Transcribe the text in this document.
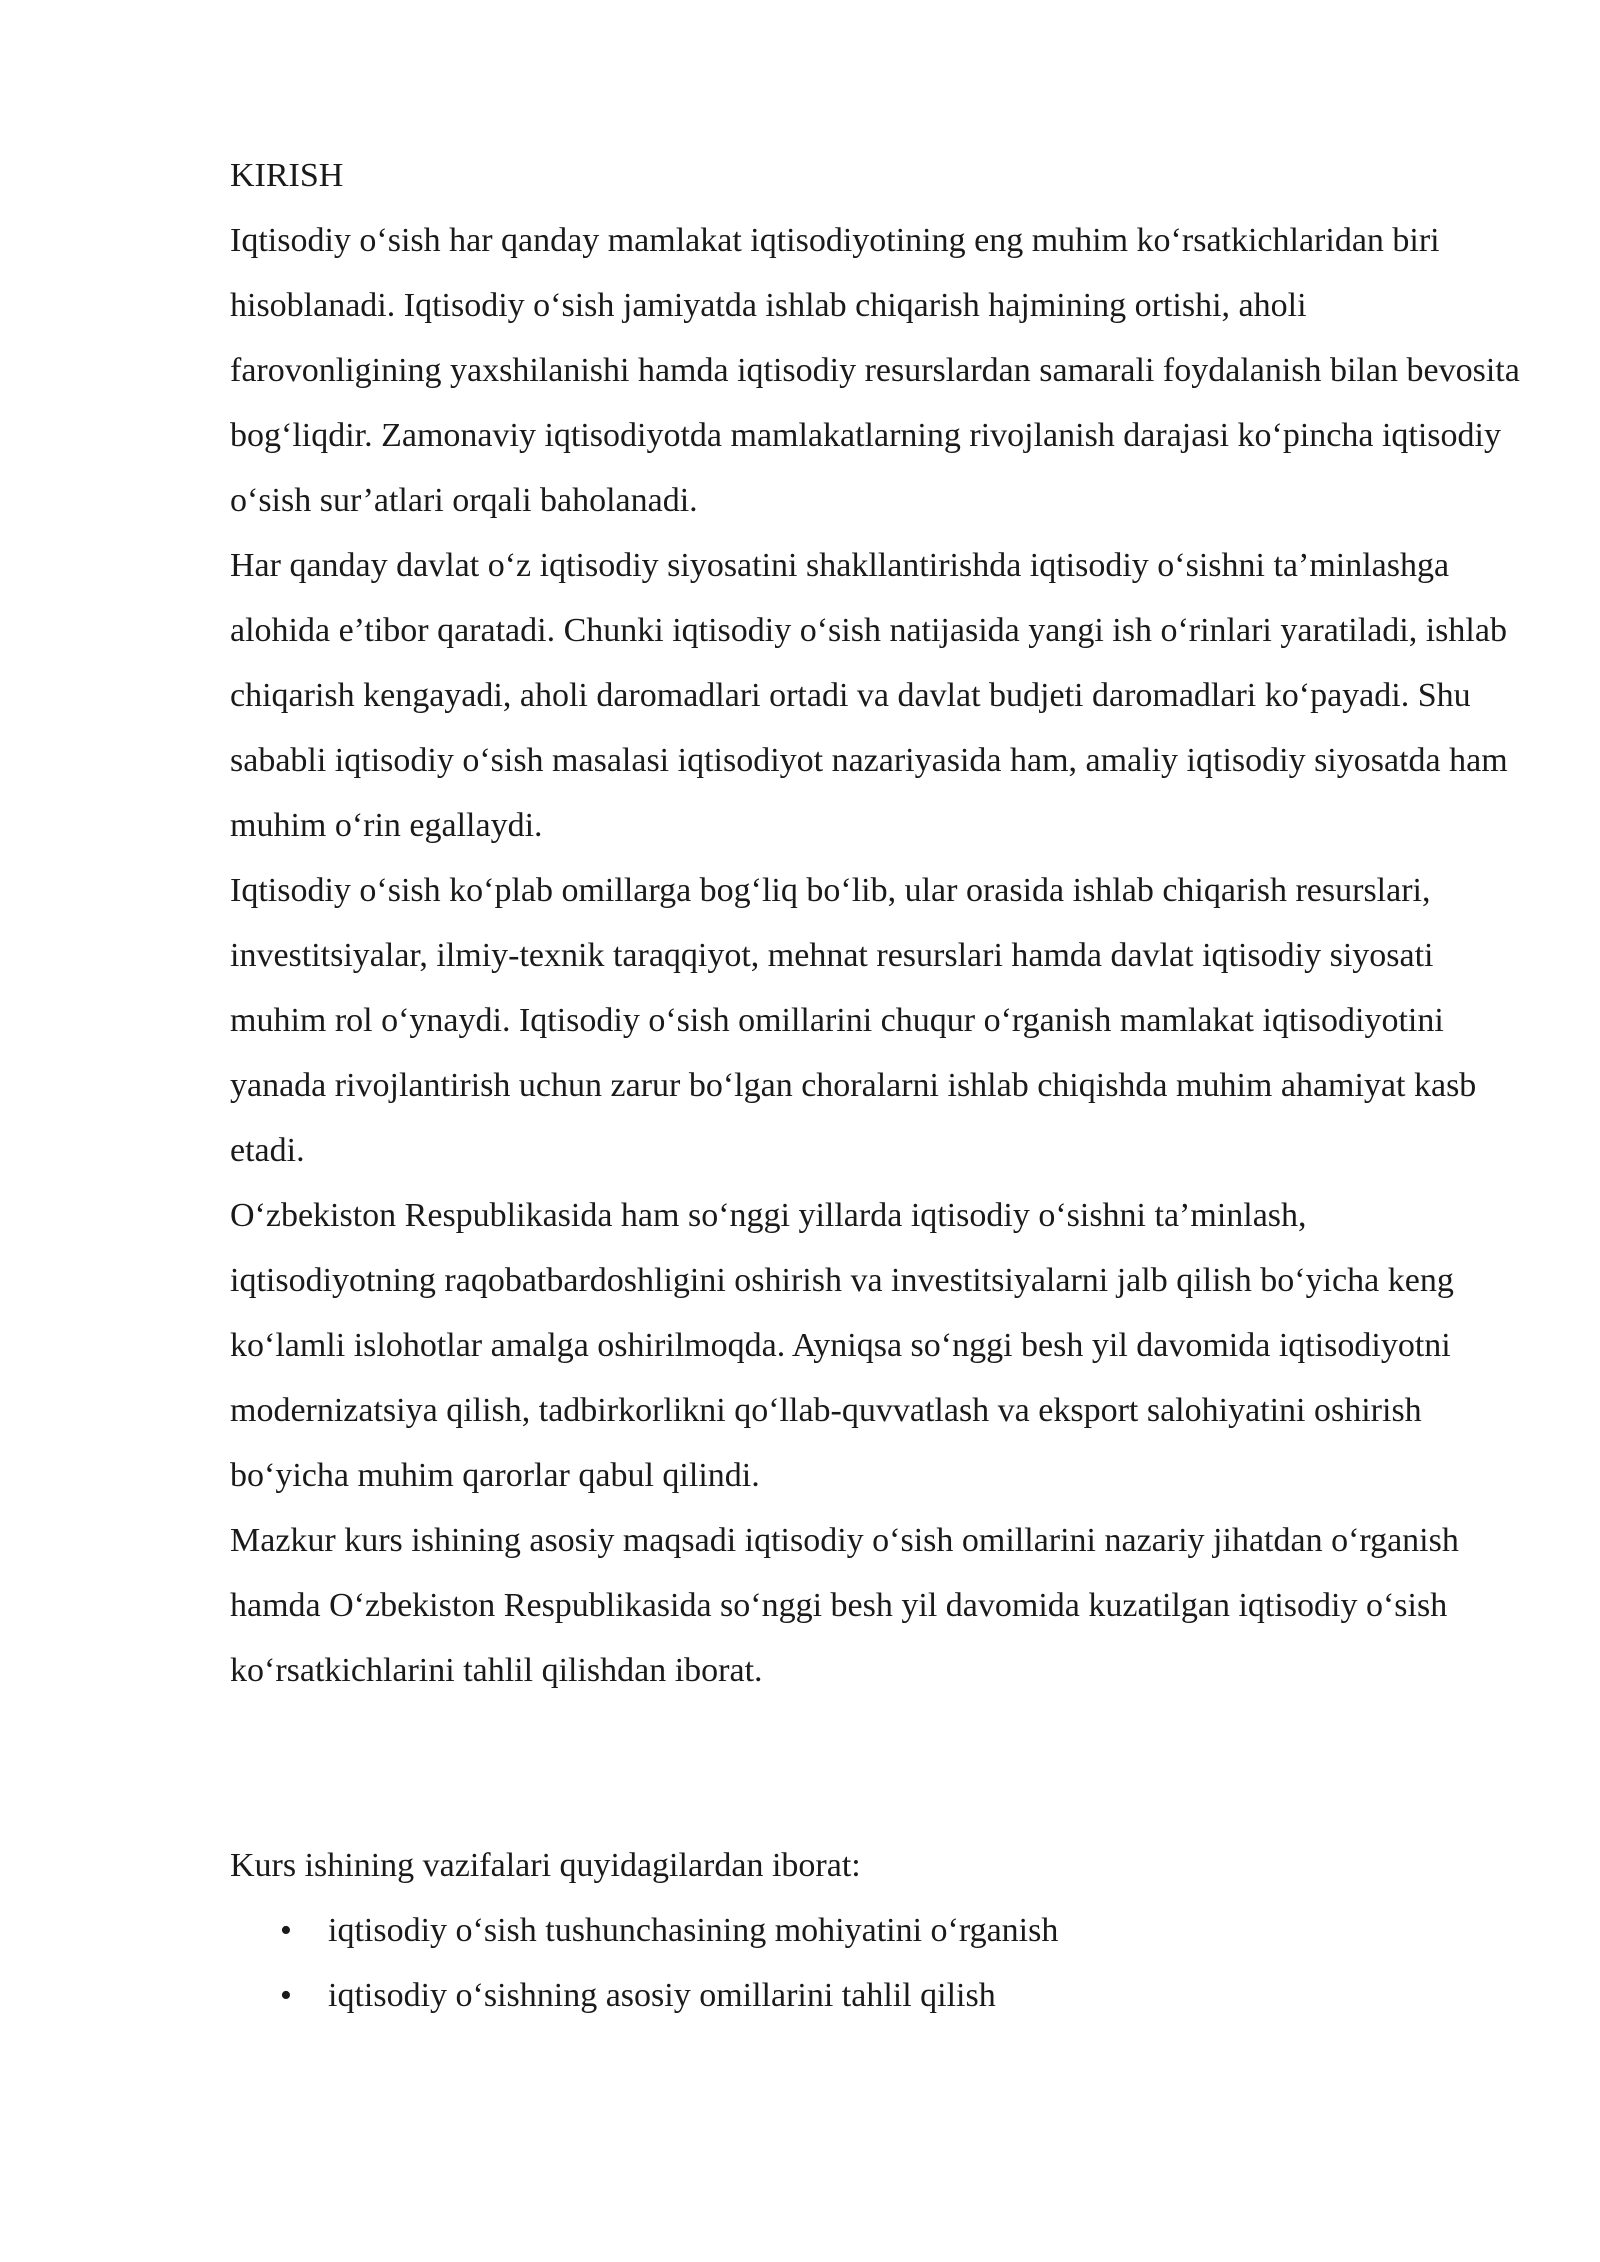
KIRISH

Iqtisodiy o‘sish har qanday mamlakat iqtisodiyotining eng muhim ko‘rsatkichlaridan biri hisoblanadi. Iqtisodiy o‘sish jamiyatda ishlab chiqarish hajmining ortishi, aholi farovonligining yaxshilanishi hamda iqtisodiy resurslardan samarali foydalanish bilan bevosita bog‘liqdir. Zamonaviy iqtisodiyotda mamlakatlarning rivojlanish darajasi ko‘pincha iqtisodiy o‘sish sur’atlari orqali baholanadi.

Har qanday davlat o‘z iqtisodiy siyosatini shakllantirishda iqtisodiy o‘sishni ta’minlashga alohida e’tibor qaratadi. Chunki iqtisodiy o‘sish natijasida yangi ish o‘rinlari yaratiladi, ishlab chiqarish kengayadi, aholi daromadlari ortadi va davlat budjeti daromadlari ko‘payadi. Shu sababli iqtisodiy o‘sish masalasi iqtisodiyot nazariyasida ham, amaliy iqtisodiy siyosatda ham muhim o‘rin egallaydi.

Iqtisodiy o‘sish ko‘plab omillarga bog‘liq bo‘lib, ular orasida ishlab chiqarish resurslari, investitsiyalar, ilmiy-texnik taraqqiyot, mehnat resurslari hamda davlat iqtisodiy siyosati muhim rol o‘ynaydi. Iqtisodiy o‘sish omillarini chuqur o‘rganish mamlakat iqtisodiyotini yanada rivojlantirish uchun zarur bo‘lgan choralarni ishlab chiqishda muhim ahamiyat kasb etadi.

O‘zbekiston Respublikasida ham so‘nggi yillarda iqtisodiy o‘sishni ta’minlash, iqtisodiyotning raqobatbardoshligini oshirish va investitsiyalarni jalb qilish bo‘yicha keng ko‘lamli islohotlar amalga oshirilmoqda. Ayniqsa so‘nggi besh yil davomida iqtisodiyotni modernizatsiya qilish, tadbirkorlikni qo‘llab-quvvatlash va eksport salohiyatini oshirish bo‘yicha muhim qarorlar qabul qilindi.

Mazkur kurs ishining asosiy maqsadi iqtisodiy o‘sish omillarini nazariy jihatdan o‘rganish hamda O‘zbekiston Respublikasida so‘nggi besh yil davomida kuzatilgan iqtisodiy o‘sish ko‘rsatkichlarini tahlil qilishdan iborat.

Kurs ishining vazifalari quyidagilardan iborat:

• iqtisodiy o‘sish tushunchasining mohiyatini o‘rganish
• iqtisodiy o‘sishning asosiy omillarini tahlil qilish
